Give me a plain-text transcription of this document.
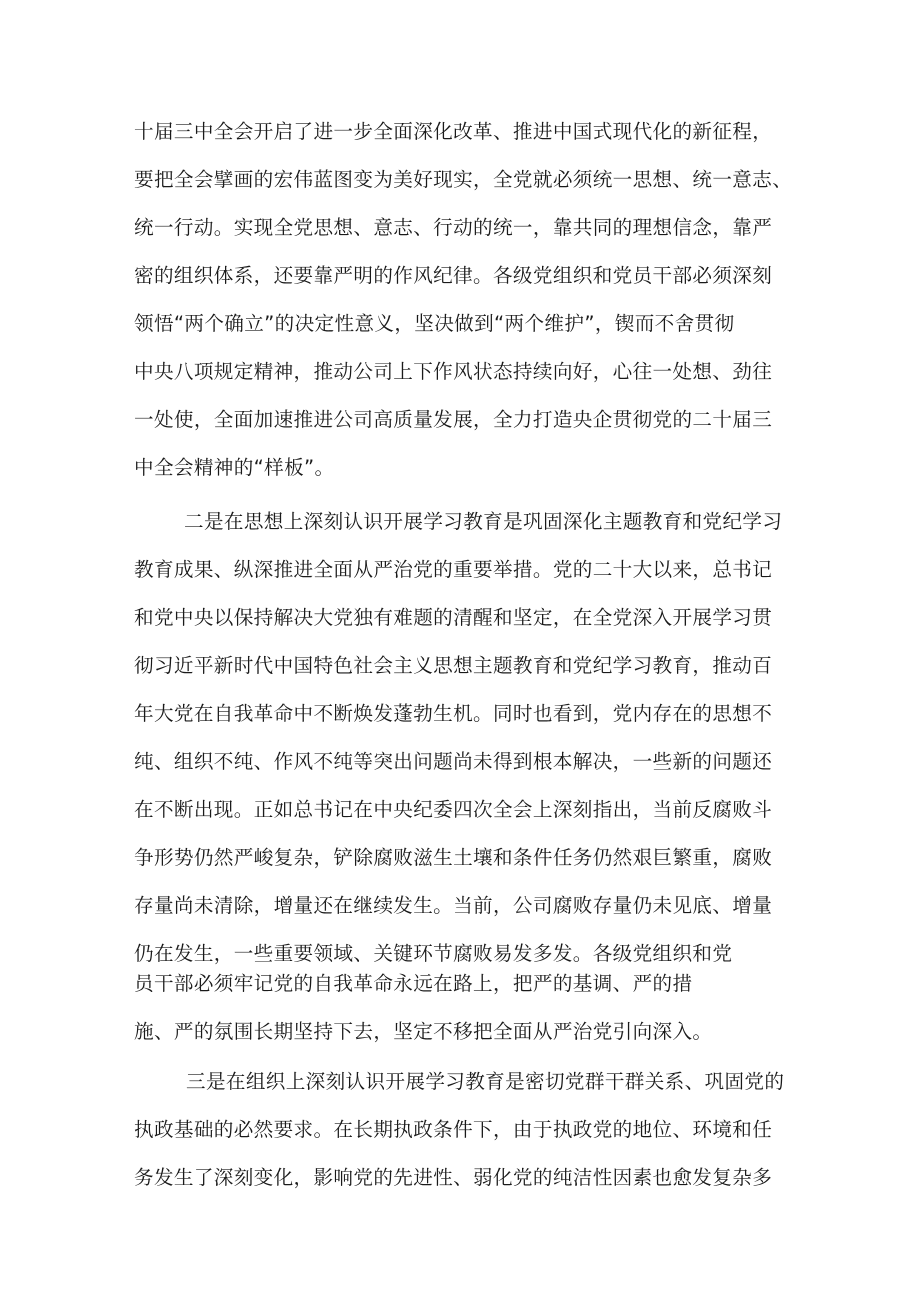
十届三中全会开启了进一步全面深化改革、推进中国式现代化的新征程，

要把全会擘画的宏伟蓝图变为美好现实，全党就必须统一思想、统一意志、

统一行动。实现全党思想、意志、行动的统一，靠共同的理想信念，靠严

密的组织体系，还要靠严明的作风纪律。各级党组织和党员干部必须深刻

领悟“两个确立”的决定性意义，坚决做到“两个维护”，锲而不舍贯彻

中央八项规定精神，推动公司上下作风状态持续向好，心往一处想、劲往

一处使，全面加速推进公司高质量发展，全力打造央企贯彻党的二十届三

中全会精神的“样板”。

二是在思想上深刻认识开展学习教育是巩固深化主题教育和党纪学习

教育成果、纵深推进全面从严治党的重要举措。党的二十大以来，总书记

和党中央以保持解决大党独有难题的清醒和坚定，在全党深入开展学习贯

彻习近平新时代中国特色社会主义思想主题教育和党纪学习教育，推动百

年大党在自我革命中不断焕发蓬勃生机。同时也看到，党内存在的思想不

纯、组织不纯、作风不纯等突出问题尚未得到根本解决，一些新的问题还

在不断出现。正如总书记在中央纪委四次全会上深刻指出，当前反腐败斗

争形势仍然严峻复杂，铲除腐败滋生土壤和条件任务仍然艰巨繁重，腐败

存量尚未清除，增量还在继续发生。当前，公司腐败存量仍未见底、增量

仍在发生，一些重要领域、关键环节腐败易发多发。各级党组织和党

员干部必须牢记党的自我革命永远在路上，把严的基调、严的措

施、严的氛围长期坚持下去，坚定不移把全面从严治党引向深入。

三是在组织上深刻认识开展学习教育是密切党群干群关系、巩固党的

执政基础的必然要求。在长期执政条件下，由于执政党的地位、环境和任

务发生了深刻变化，影响党的先进性、弱化党的纯洁性因素也愈发复杂多
